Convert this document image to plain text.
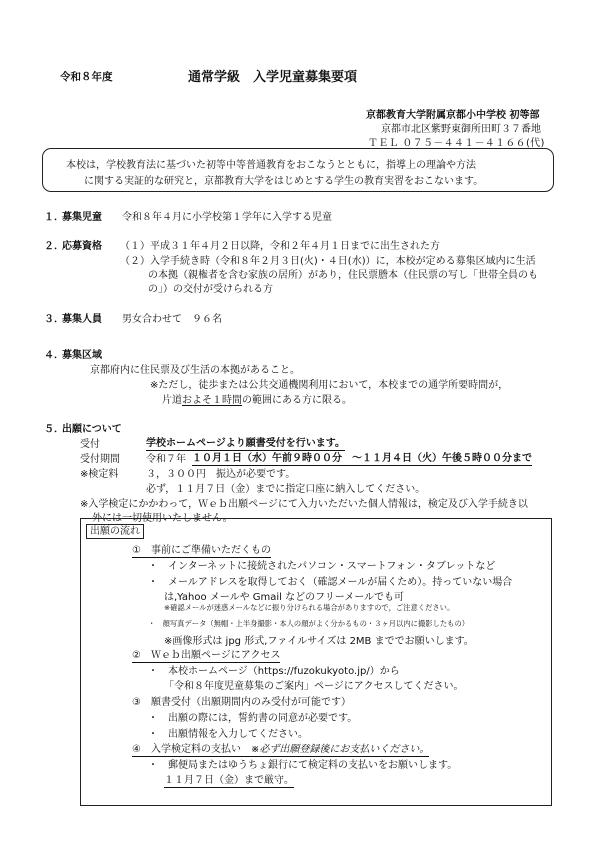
令和８年度	通常学級　入学児童募集要項
京都教育大学附属京都小中学校 初等部
京都市北区紫野東御所田町３７番地
ＴＥＬ ０７５－４４１－４１６６(代)
本校は，学校教育法に基づいた初等中等普通教育をおこなうとともに，指導上の理論や方法
に関する実証的な研究と，京都教育大学をはじめとする学生の教育実習をおこないます。
１．
募集児童 令和８年４月に小学校第１学年に入学する児童
２．
応募資格 （１）平成３１年４月２日以降，令和２年４月１日までに出生された方
（２）入学手続き時（令和８年２月３日(火)・４日(水)）に，本校が定める募集区域内に生活
の本拠（親権者を含む家族の居所）があり，住民票謄本（住民票の写し「世帯全員のも
の」）の交付が受けられる方
３．
募集人員 男女合わせて　９６名
４．
募集区域
京都府内に住民票及び生活の本拠があること。
※ただし，徒歩または公共交通機関利用において，本校までの通学所要時間が，
片道およそ１時間の範囲にある方に限る。
５．
出願について
受付	学校ホームページより願書受付を行います。
受付期間	令和７年 １０月１日（水）午前９時００分　～１１月４日（火）午後５時００分まで
※検定料	３，３００円　振込が必要です。
必ず，１１月７日（金）までに指定口座に納入してください。
※入学検定にかかわって，Ｗｅｂ出願ページにて入力いただいた個人情報は，検定及び入学手続き以
外には一切使用いたしません。
出願の流れ
①　事前にご準備いただくもの
・　インターネットに接続されたパソコン・スマートフォン・タブレットなど
・　メールアドレスを取得しておく（確認メールが届くため）。持っていない場合
は,Yahoo メールや Gmail などのフリーメールでも可
※確認メールが迷惑メールなどに振り分けられる場合がありますので，ご注意ください。
・　顔写真データ（無帽・上半身撮影・本人の顔がよく分かるもの・３ヶ月以内に撮影したもの）
※画像形式は jpg 形式,ファイルサイズは 2MB まででお願いします。
②　Ｗｅｂ出願ページにアクセス
・　本校ホームページ（https://fuzokukyoto.jp/）から
「令和８年度児童募集のご案内」ページにアクセスしてください。
③　願書受付（出願期間内のみ受付が可能です）
・　出願の際には，誓約書の同意が必要です。
・　出願情報を入力してください。
④　入学検定料の支払い　 ※必ず出願登録後にお支払いください。
・　郵便局またはゆうちょ銀行にて検定料の支払いをお願いします。
１１月７日（金）まで厳守。
